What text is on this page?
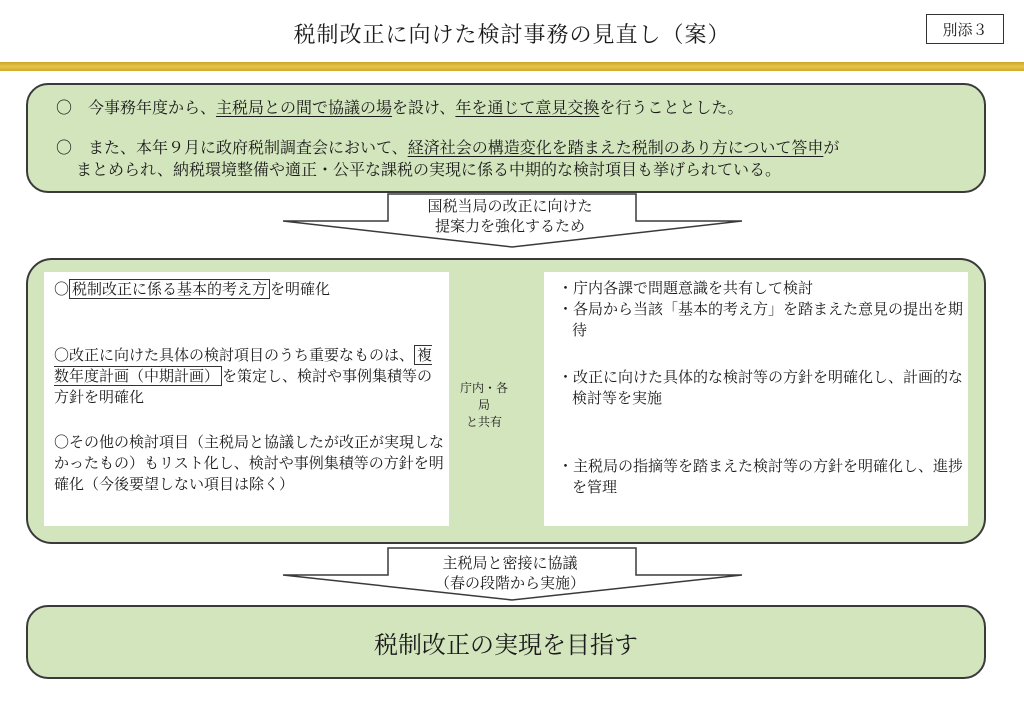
税制改正に向けた検討事務の見直し（案）	別添３
〇　今事務年度から、主税局との間で協議の場を設け、年を通じて意見交換を行うこととした。
〇　また、本年９月に政府税制調査会において、経済社会の構造変化を踏まえた税制のあり方について答申が
まとめられ、納税環境整備や適正・公平な課税の実現に係る中期的な検討項目も挙げられている。
国税当局の改正に向けた
提案力を強化するため
〇 税制改正に係る基本的考え方 を明確化
〇改正に向けた具体の検討項目のうち重要なものは、 複数年度計画（中期計画） を策定し、検討や事例集積等の方針を明確化
〇その他の検討項目（主税局と協議したが改正が実現しなかったもの）もリスト化し、検討や事例集積等の方針を明確化（今後要望しない項目は除く）
庁内・各局
と共有
・庁内各課で問題意識を共有して検討
・各局から当該「基本的考え方」を踏まえた意見の提出を期待
・改正に向けた具体的な検討等の方針を明確化し、計画的な検討等を実施
・主税局の指摘等を踏まえた検討等の方針を明確化し、進捗を管理
主税局と密接に協議
（春の段階から実施）
税制改正の実現を目指す
